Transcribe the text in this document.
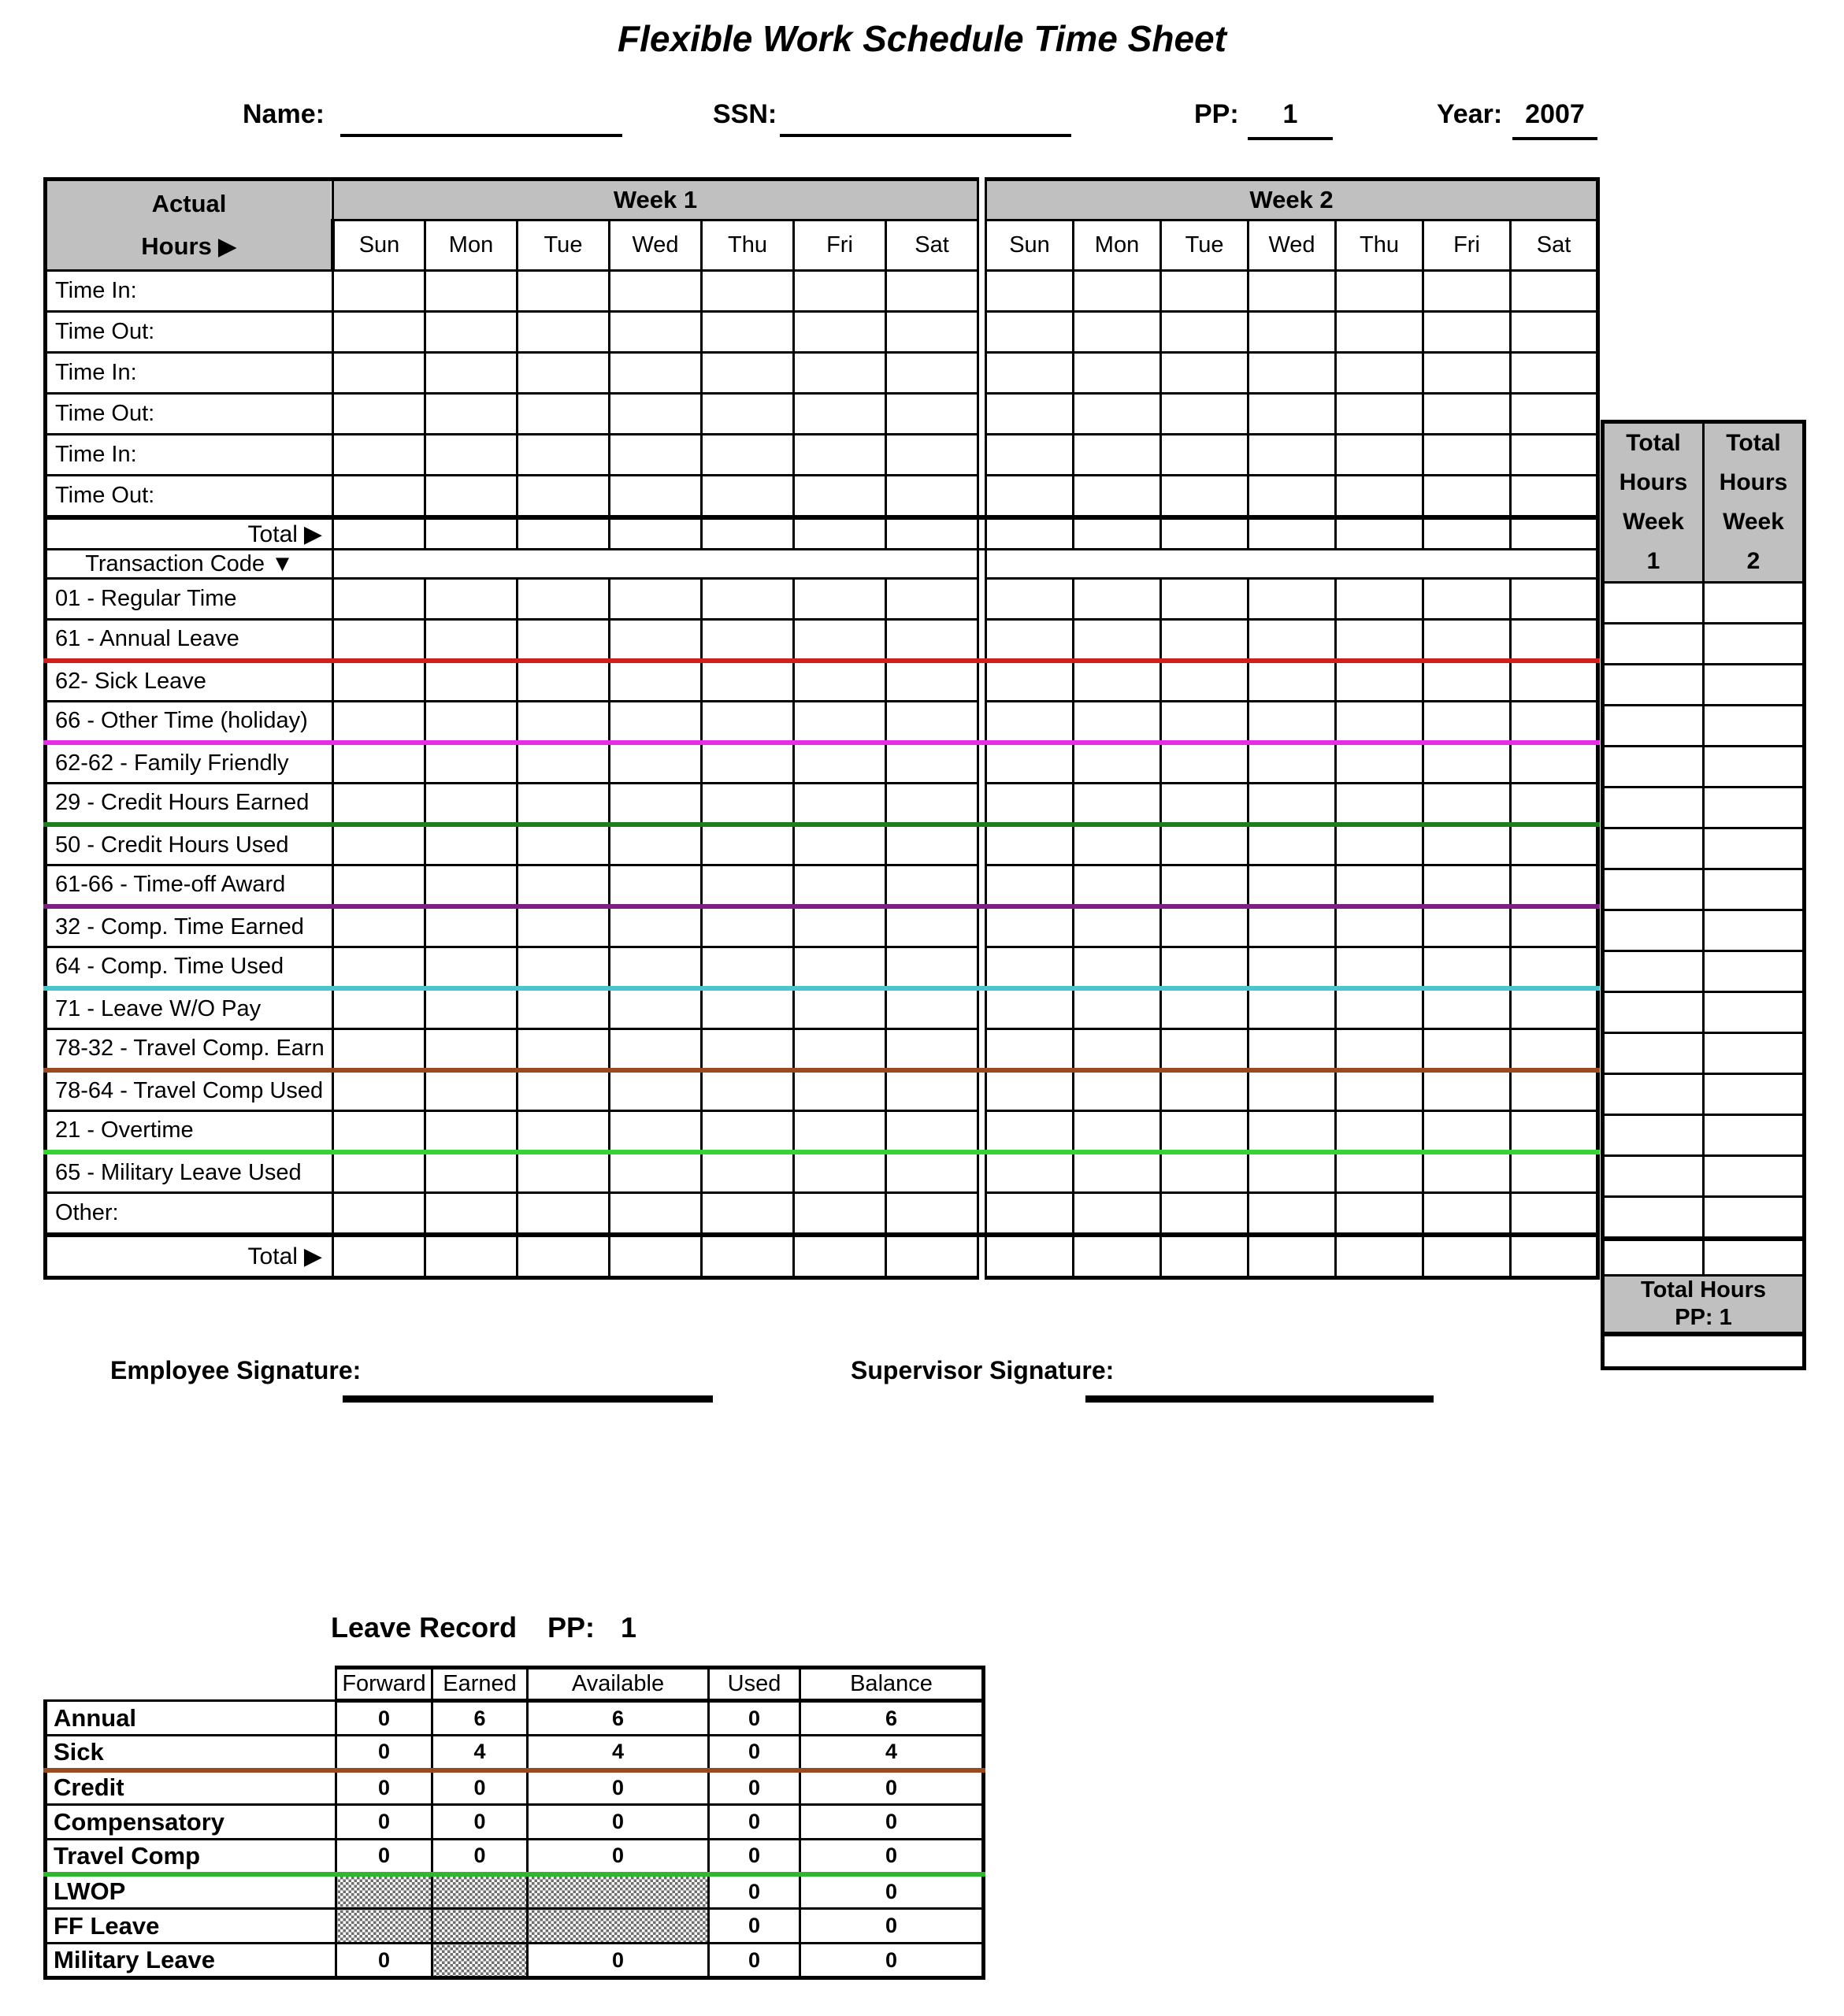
Flexible Work Schedule Time Sheet
Name:	SSN:	PP:	1	Year: 2007
Actual
Hours ▶	Week 1								Week 2						
	Sun	Mon	Tue	Wed	Thu	Fri	Sat		Sun	Mon	Tue	Wed	Thu	Fri	Sat
Time In:															
Time Out:															
Time In:															
Time Out:															
Time In:															
Time Out:															

Total ▶															
Transaction Code ▼															
01 - Regular Time															
61 - Annual Leave															
62- Sick Leave															
66 - Other Time (holiday)															
62-62 - Family Friendly															
29 - Credit Hours Earned															
50 - Credit Hours Used															
61-66 - Time-off Award															
32 - Comp. Time Earned															
64 - Comp. Time Used															
71 - Leave W/O Pay															
78-32 - Travel Comp. Earn															
78-64 - Travel Comp Used															
21 - Overtime															
65 - Military Leave Used															
Other:															

Total ▶															
Total
Hours
Week
1

Total
Hours
Week
2

Total Hours
PP: 1	

Employee Signature:	Supervisor Signature:
Leave Record PP: 1
	Forward	Earned	Available	Used	Balance
Annual	0	6	6	0	6
Sick	0	4	4	0	4
Credit	0	0	0	0	0
Compensatory	0	0	0	0	0
Travel Comp	0	0	0	0	0
LWOP				0	0
FF Leave				0	0
Military Leave	0		0	0	0
